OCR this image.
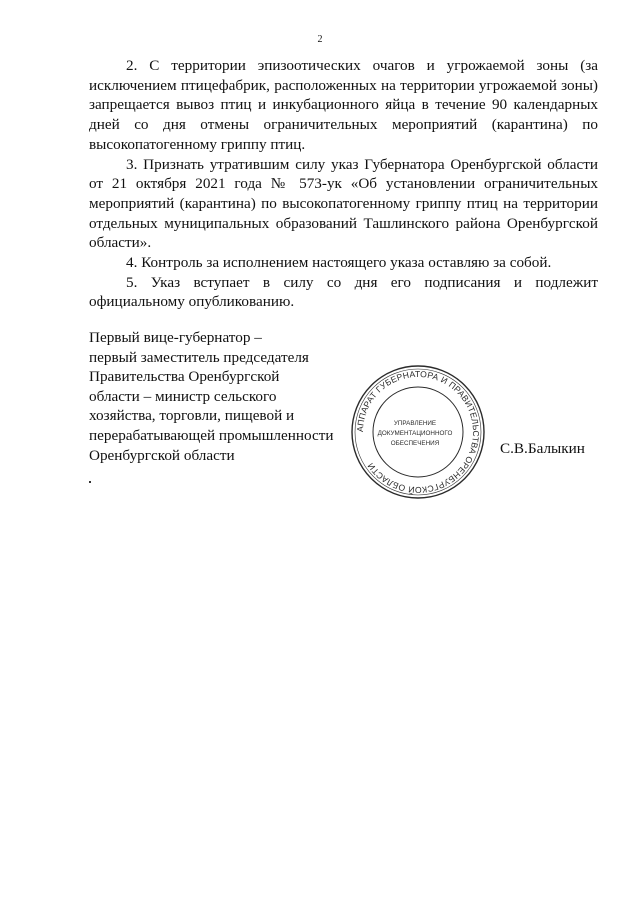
2

2. С территории эпизоотических очагов и угрожаемой зоны (за исключением птицефабрик, расположенных на территории угрожаемой зоны) запрещается вывоз птиц и инкубационного яйца в течение 90 календарных дней со дня отмены ограничительных мероприятий (карантина) по высокопатогенному гриппу птиц.

3. Признать утратившим силу указ Губернатора Оренбургской области от 21 октября 2021 года № 573-ук «Об установлении ограничительных мероприятий (карантина) по высокопатогенному гриппу птиц на территории отдельных муниципальных образований Ташлинского района Оренбургской области».

4. Контроль за исполнением настоящего указа оставляю за собой.

5. Указ вступает в силу со дня его подписания и подлежит официальному опубликованию.

Первый вице-губернатор –
первый заместитель председателя
Правительства Оренбургской
области – министр сельского
хозяйства, торговли, пищевой и
перерабатывающей промышленности
Оренбургской области
АППАРАТ ГУБЕРНАТОРА И ПРАВИТЕЛЬСТВА ОРЕНБУРГСКОЙ ОБЛАСТИ
УПРАВЛЕНИЕ
ДОКУМЕНТАЦИОННОГО
ОБЕСПЕЧЕНИЯ	С.В.Балыкин
